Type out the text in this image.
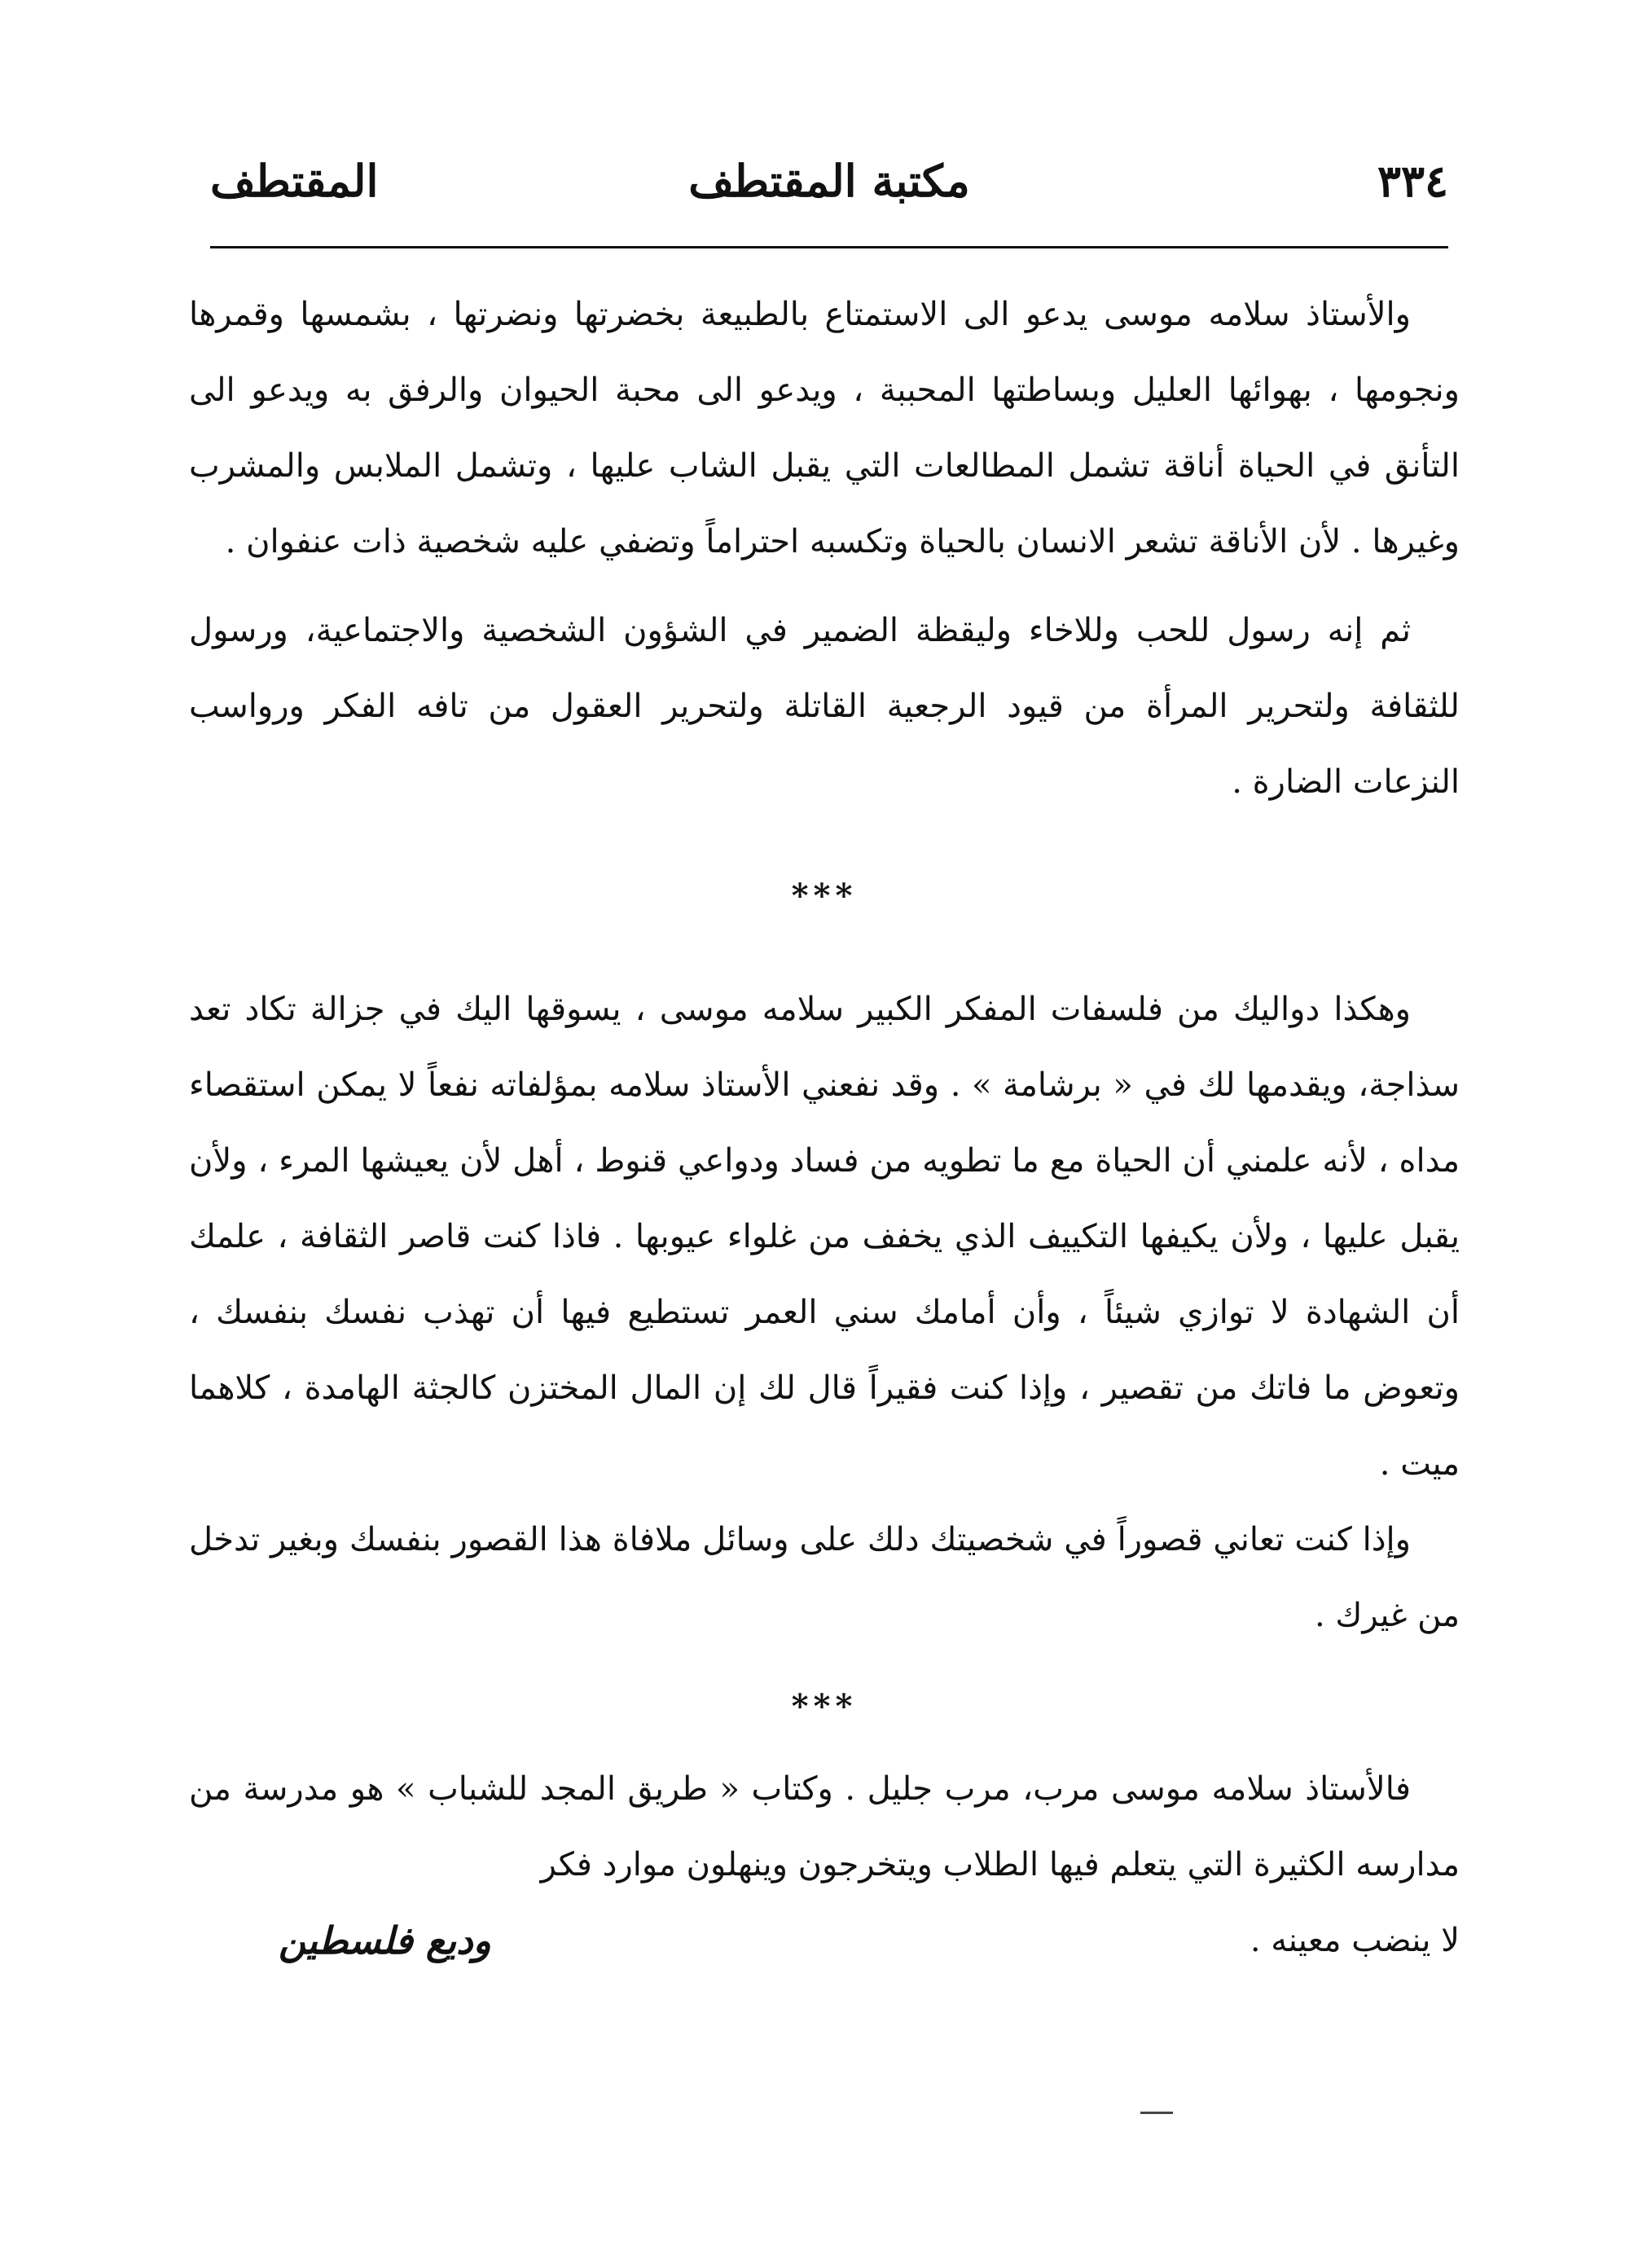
٣٣٤
مكتبة المقتطف
المقتطف

والأستاذ سلامه موسى يدعو الى الاستمتاع بالطبيعة بخضرتها ونضرتها ، بشمسها وقمرها ونجومها ، بهوائها العليل وبساطتها المحببة ، ويدعو الى محبة الحيوان والرفق به ويدعو الى التأنق في الحياة أناقة تشمل المطالعات التي يقبل الشاب عليها ، وتشمل الملابس والمشرب وغيرها . لأن الأناقة تشعر الانسان بالحياة وتكسبه احتراماً وتضفي عليه شخصية ذات عنفوان .

ثم إنه رسول للحب وللاخاء وليقظة الضمير في الشؤون الشخصية والاجتماعية، ورسول للثقافة ولتحرير المرأة من قيود الرجعية القاتلة ولتحرير العقول من تافه الفكر ورواسب النزعات الضارة .

***

وهكذا دواليك من فلسفات المفكر الكبير سلامه موسى ، يسوقها اليك في جزالة تكاد تعد سذاجة، ويقدمها لك في « برشامة » . وقد نفعني الأستاذ سلامه بمؤلفاته نفعاً لا يمكن استقصاء مداه ، لأنه علمني أن الحياة مع ما تطويه من فساد ودواعي قنوط ، أهل لأن يعيشها المرء ، ولأن يقبل عليها ، ولأن يكيفها التكييف الذي يخفف من غلواء عيوبها . فاذا كنت قاصر الثقافة ، علمك أن الشهادة لا توازي شيئاً ، وأن أمامك سني العمر تستطيع فيها أن تهذب نفسك بنفسك ، وتعوض ما فاتك من تقصير ، وإذا كنت فقيراً قال لك إن المال المختزن كالجثة الهامدة ، كلاهما ميت .

وإذا كنت تعاني قصوراً في شخصيتك دلك على وسائل ملافاة هذا القصور بنفسك وبغير تدخل من غيرك .

***

فالأستاذ سلامه موسى مرب، مرب جليل . وكتاب « طريق المجد للشباب » هو مدرسة من مدارسه الكثيرة التي يتعلم فيها الطلاب ويتخرجون وينهلون موارد فكر

لا ينضب معينه .
وديع فلسطين
